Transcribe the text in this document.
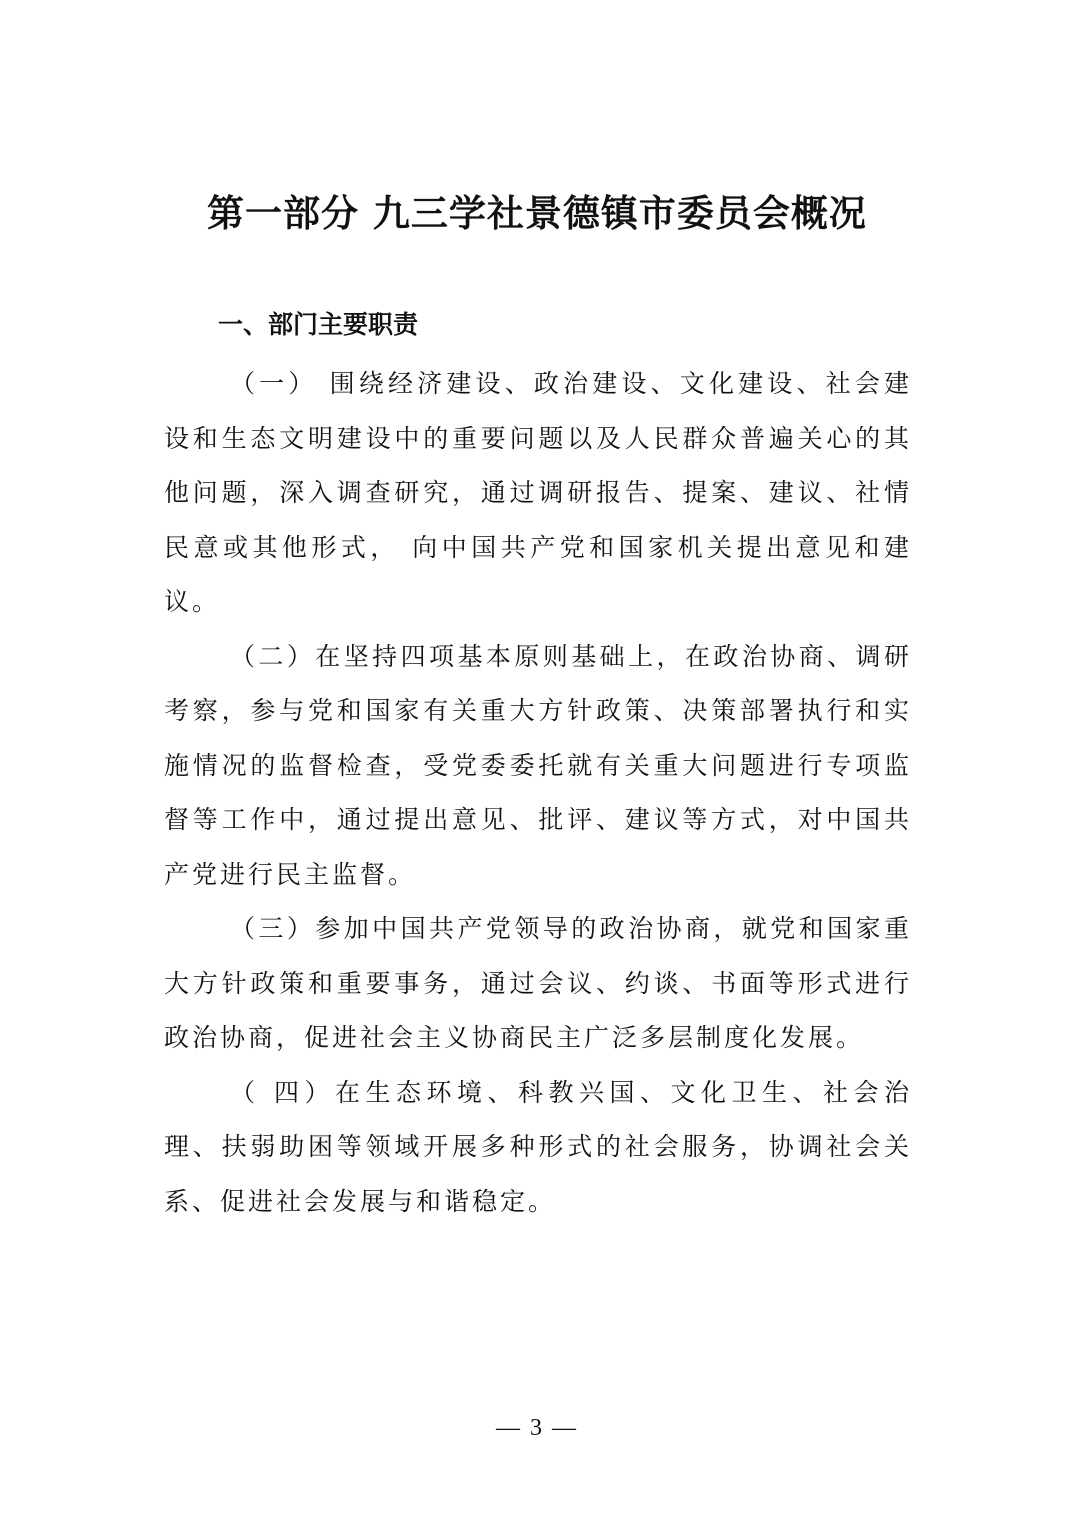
第一部分 九三学社景德镇市委员会概况
一、部门主要职责

（一） 围绕经济建设、政治建设、文化建设、社会建设和生态文明建设中的重要问题以及人民群众普遍关心的其他问题，深入调查研究，通过调研报告、提案、建议、社情民意或其他形式， 向中国共产党和国家机关提出意见和建议。

（二）在坚持四项基本原则基础上，在政治协商、调研考察，参与党和国家有关重大方针政策、决策部署执行和实施情况的监督检查，受党委委托就有关重大问题进行专项监督等工作中，通过提出意见、批评、建议等方式，对中国共产党进行民主监督。

（三）参加中国共产党领导的政治协商，就党和国家重大方针政策和重要事务，通过会议、约谈、书面等形式进行政治协商，促进社会主义协商民主广泛多层制度化发展。

（ 四）在生态环境、科教兴国、文化卫生、社会治理、扶弱助困等领域开展多种形式的社会服务，协调社会关系、促进社会发展与和谐稳定。

— 3 —
